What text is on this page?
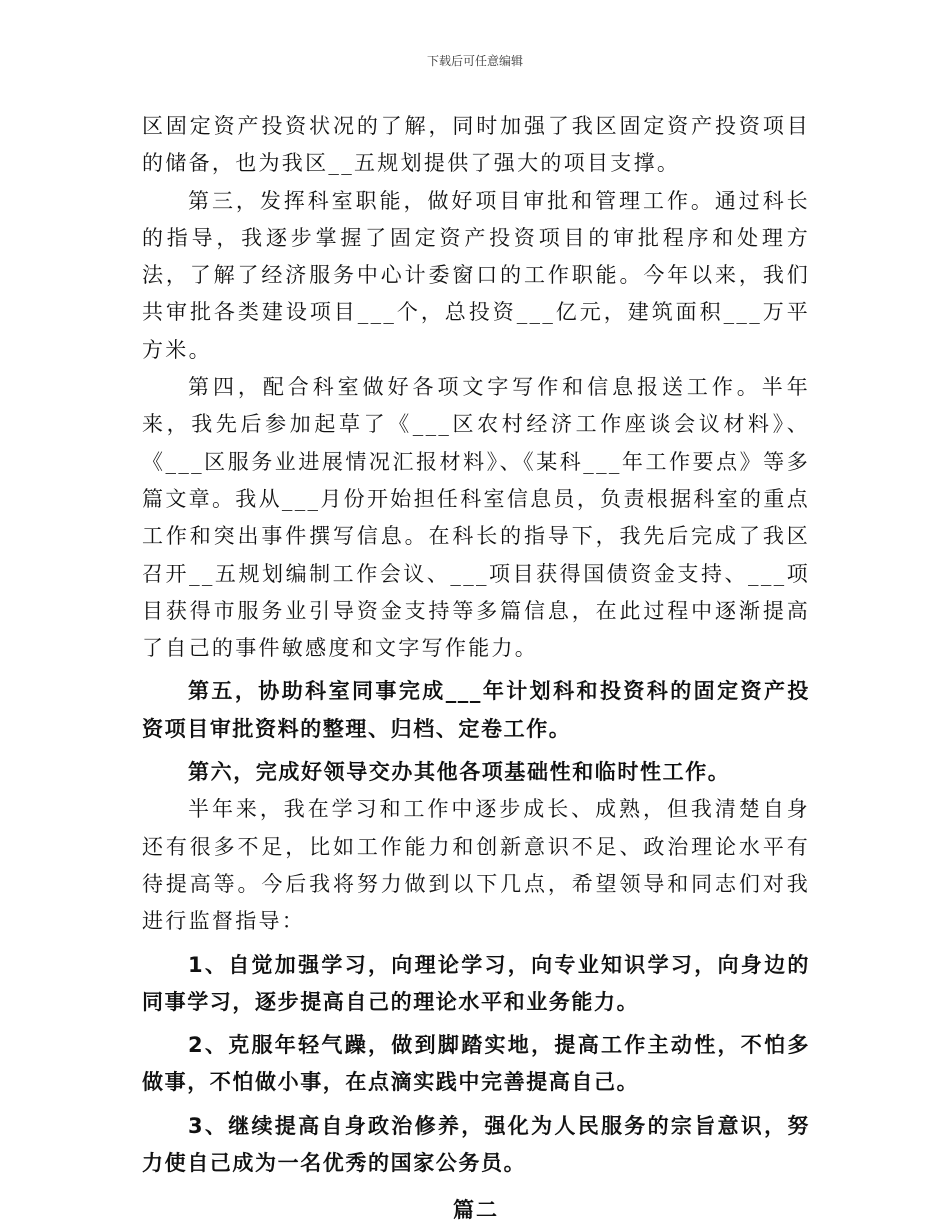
下载后可任意编辑

区固定资产投资状况的了解，同时加强了我区固定资产投资项目的储备，也为我区__五规划提供了强大的项目支撑。

第三，发挥科室职能，做好项目审批和管理工作。通过科长的指导，我逐步掌握了固定资产投资项目的审批程序和处理方法，了解了经济服务中心计委窗口的工作职能。今年以来，我们共审批各类建设项目___个，总投资___亿元，建筑面积___万平方米。

第四，配合科室做好各项文字写作和信息报送工作。半年来，我先后参加起草了《___区农村经济工作座谈会议材料》、《___区服务业进展情况汇报材料》、《某科___年工作要点》等多篇文章。我从___月份开始担任科室信息员，负责根据科室的重点工作和突出事件撰写信息。在科长的指导下，我先后完成了我区召开__五规划编制工作会议、___项目获得国债资金支持、___项目获得市服务业引导资金支持等多篇信息，在此过程中逐渐提高了自己的事件敏感度和文字写作能力。

第五，协助科室同事完成___年计划科和投资科的固定资产投资项目审批资料的整理、归档、定卷工作。

第六，完成好领导交办其他各项基础性和临时性工作。

半年来，我在学习和工作中逐步成长、成熟，但我清楚自身还有很多不足，比如工作能力和创新意识不足、政治理论水平有待提高等。今后我将努力做到以下几点，希望领导和同志们对我进行监督指导：

1、自觉加强学习，向理论学习，向专业知识学习，向身边的同事学习，逐步提高自己的理论水平和业务能力。

2、克服年轻气躁，做到脚踏实地，提高工作主动性，不怕多做事，不怕做小事，在点滴实践中完善提高自己。

3、继续提高自身政治修养，强化为人民服务的宗旨意识，努力使自己成为一名优秀的国家公务员。

篇二
